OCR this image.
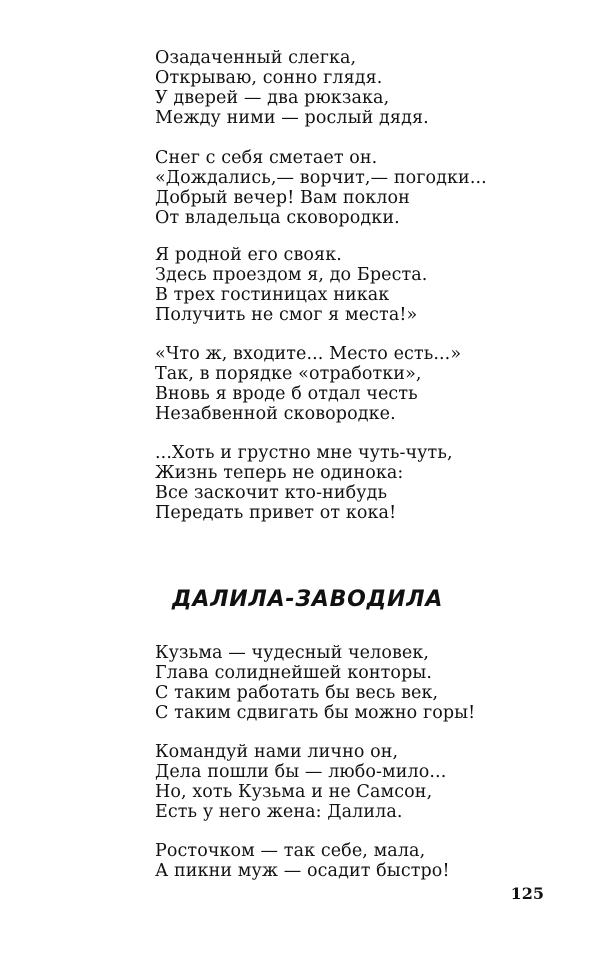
Озадаченный слегка,
Открываю, сонно глядя.
У дверей — два рюкзака,
Между ними — рослый дядя.
Снег с себя сметает он.
«Дождались,— ворчит,— погодки...
Добрый вечер! Вам поклон
От владельца сковородки.
Я родной его свояк.
Здесь проездом я, до Бреста.
В трех гостиницах никак
Получить не смог я места!»
«Что ж, входите... Место есть...»
Так, в порядке «отработки»,
Вновь я вроде б отдал честь
Незабвенной сковородке.
...Хоть и грустно мне чуть-чуть,
Жизнь теперь не одинока:
Все заскочит кто-нибудь
Передать привет от кока!
ДАЛИЛА-ЗАВОДИЛА
Кузьма — чудесный человек,
Глава солиднейшей конторы.
С таким работать бы весь век,
С таким сдвигать бы можно горы!
Командуй нами лично он,
Дела пошли бы — любо-мило...
Но, хоть Кузьма и не Самсон,
Есть у него жена: Далила.
Росточком — так себе, мала,
А пикни муж — осадит быстро!
125
